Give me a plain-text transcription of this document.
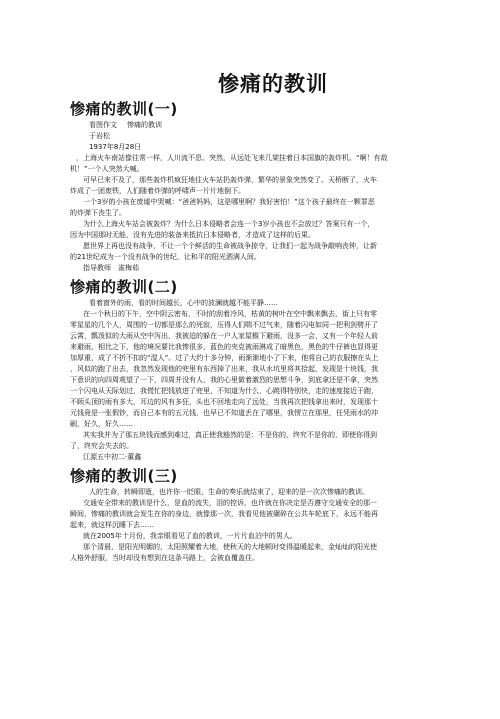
惨痛的教训
惨痛的教训(一)
看图作文 惨痛的教训
于岩松
1937年8月28日
，上海火车南站像往常一样，人川流不息。突然，从远处飞来几架挂着日本国旗的轰炸机。“啊！有敌
机！”一个人突然大喊。
可早已来不及了，那些轰炸机疯狂地往火车站扔轰炸弹，繁华的景象突然变了。天桥断了，火车
炸成了一团废铁，人们随着炸弹的呼啸声一片片地倒下。
一个3岁的小孩在废墟中哭喊：“爸爸妈妈，这是哪里啊？我好害怕！”这个孩子最终在一颗罪恶
的炸弹下丧生了。
为什么上海火车站会被轰炸？为什么日本侵略者会连一个3岁小孩也不会放过？答案只有一个，
因为中国那时无能，没有先进的装备来抵抗日本侵略者，才造成了这样的后果。
愿世界上再也没有战争，不让一个个鲜活的生命被战争掠夺，让我们一起为战争敲响丧钟，让新
的21世纪成为一个没有战争的世纪，让和平的阳光洒满人间。
指导教师　雀梅茹
惨痛的教训(二)
看着窗外的雨，看的时间越长，心中的波澜就越不能平静……
在一个秋日的下午，空中阴云密布，不时的刮着冷风，枯黄的树叶在空中飘来飘去，街上只有零
零星星的几个人，周围的一切都是那么的死寂，压得人们喘不过气来，随着闪电如同一把利剑劈开了
云霄，瓢泼似的大雨从空中泻出，我被迫的躲在一户人家屋檐下避雨，没多一会，又有一个年轻人前
来避雨，相比之下，他的境况要比我惨很多，蓝色的夹克被雨淋成了暗黑色，黑色的牛仔裤也显得更
加厚重，成了不折不扣的“湿人”。过了大约十多分钟，雨渐渐地小了下来，他将自己的衣服擦在头上
，风似的跑了出去，我忽然发现他的兜里有东西掉了出来，我从水坑里将其拾起，发现是十块钱，我
下意识的向四周观望了一下，四周并没有人，我的心里做着激烈的思想斗争，到底拿还是不拿，突然
一个闪电从天际划过，我慌忙把钱放进了兜里，不知道为什么，心跳得特别快，走的速度接近于跑，
不顾头顶的雨有多大，耳边的风有多狂，头也不回地走向了远处，当我再次把钱拿出来时，发现那十
元钱竟是一张假钞，而自己本有的五元钱，也早已不知道丢在了哪里，我愣立在那里，任凭雨水的冲
刷，好久，好久……
其实我并为了那五块钱而感到难过，真正使我豁然的是：不是你的，终究不是你的，即使你得到
了，终究会失去的。
江源五中初二·董鑫
惨痛的教训(三)
人的生命，转瞬即逝，也许你一眨眼，生命的奏乐就结束了，迎来的是一次次惨痛的教训。
交通安全带来的教训是什么，是血的流失，泪的控诉，也许就在你决定是否遵守交通安全的那一
瞬间，惨痛的教训就会发生在你的身边，就像那一次，我看见他被碾碎在公共车轮底下，永远不能再
起来，就这样沉睡下去……
就在2005年十月份，我亲眼看见了血的教训，一片片血泊中的男人。
那个清晨，是阳光明媚的，太阳照耀着大地，使秋天的大地顿时变得温暖起来，金灿灿的阳光使
人格外舒服，当时却没有想到在这条马路上，会被血覆盖住。
